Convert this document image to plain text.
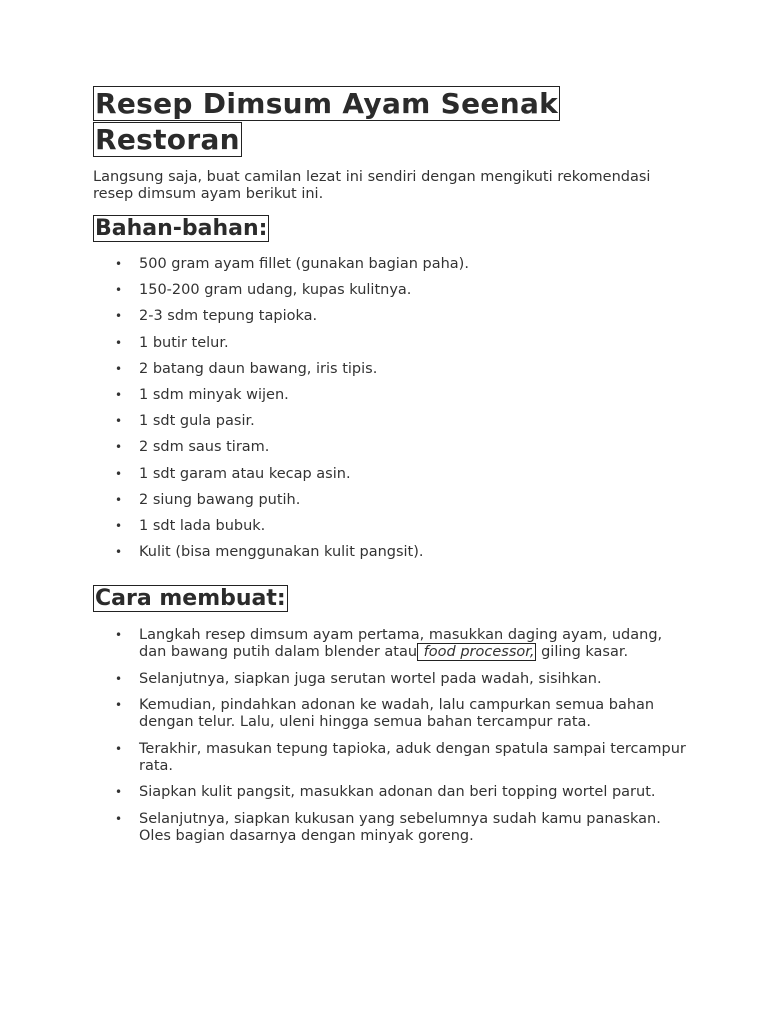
Resep Dimsum Ayam Seenak Restoran

Langsung saja, buat camilan lezat ini sendiri dengan mengikuti rekomendasi resep dimsum ayam berikut ini.

Bahan-bahan:
• 500 gram ayam fillet (gunakan bagian paha).
• 150-200 gram udang, kupas kulitnya.
• 2-3 sdm tepung tapioka.
• 1 butir telur.
• 2 batang daun bawang, iris tipis.
• 1 sdm minyak wijen.
• 1 sdt gula pasir.
• 2 sdm saus tiram.
• 1 sdt garam atau kecap asin.
• 2 siung bawang putih.
• 1 sdt lada bubuk.
• Kulit (bisa menggunakan kulit pangsit).
Cara membuat:
• Langkah resep dimsum ayam pertama, masukkan daging ayam, udang, dan bawang putih dalam blender atau food processor, giling kasar.
• Selanjutnya, siapkan juga serutan wortel pada wadah, sisihkan.
• Kemudian, pindahkan adonan ke wadah, lalu campurkan semua bahan dengan telur. Lalu, uleni hingga semua bahan tercampur rata.
• Terakhir, masukan tepung tapioka, aduk dengan spatula sampai tercampur rata.
• Siapkan kulit pangsit, masukkan adonan dan beri topping wortel parut.
• Selanjutnya, siapkan kukusan yang sebelumnya sudah kamu panaskan. Oles bagian dasarnya dengan minyak goreng.
